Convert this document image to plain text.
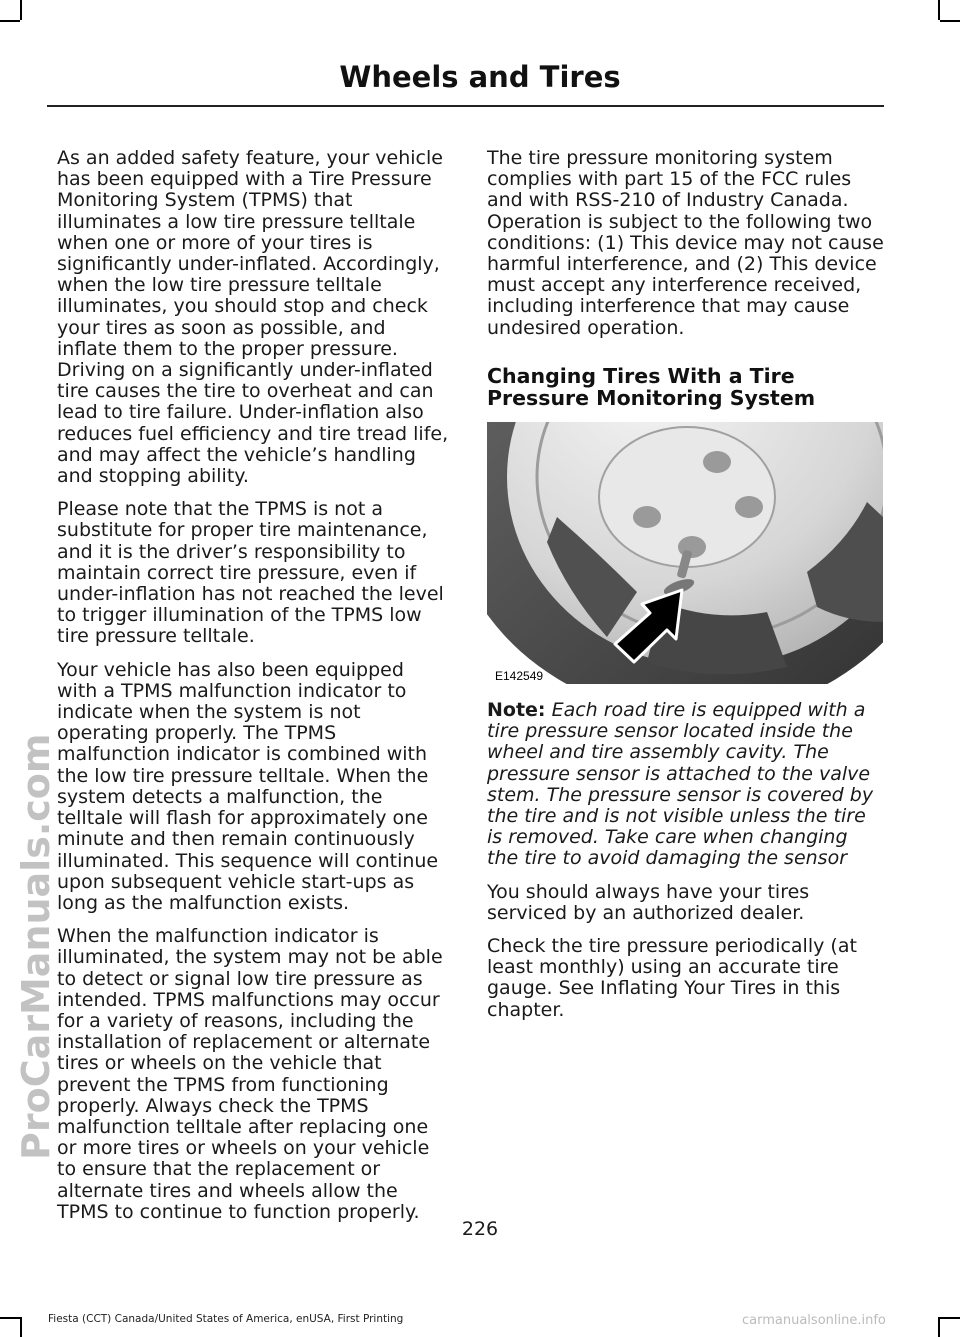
Wheels and Tires

As an added safety feature, your vehicle has been equipped with a Tire Pressure Monitoring System (TPMS) that illuminates a low tire pressure telltale when one or more of your tires is significantly under-inflated. Accordingly, when the low tire pressure telltale illuminates, you should stop and check your tires as soon as possible, and inflate them to the proper pressure. Driving on a significantly under-inflated tire causes the tire to overheat and can lead to tire failure. Under-inflation also reduces fuel efficiency and tire tread life, and may affect the vehicle’s handling and stopping ability.

Please note that the TPMS is not a substitute for proper tire maintenance, and it is the driver’s responsibility to maintain correct tire pressure, even if under-inflation has not reached the level to trigger illumination of the TPMS low tire pressure telltale.

Your vehicle has also been equipped with a TPMS malfunction indicator to indicate when the system is not operating properly. The TPMS malfunction indicator is combined with the low tire pressure telltale. When the system detects a malfunction, the telltale will flash for approximately one minute and then remain continuously illuminated. This sequence will continue upon subsequent vehicle start-ups as long as the malfunction exists.

When the malfunction indicator is illuminated, the system may not be able to detect or signal low tire pressure as intended. TPMS malfunctions may occur for a variety of reasons, including the installation of replacement or alternate tires or wheels on the vehicle that prevent the TPMS from functioning properly. Always check the TPMS malfunction telltale after replacing one or more tires or wheels on your vehicle to ensure that the replacement or alternate tires and wheels allow the TPMS to continue to function properly.

The tire pressure monitoring system complies with part 15 of the FCC rules and with RSS-210 of Industry Canada. Operation is subject to the following two conditions: (1) This device may not cause harmful interference, and (2) This device must accept any interference received, including interference that may cause undesired operation.

Changing Tires With a Tire
Pressure Monitoring System
E142549

Note: Each road tire is equipped with a tire pressure sensor located inside the wheel and tire assembly cavity. The pressure sensor is attached to the valve stem. The pressure sensor is covered by the tire and is not visible unless the tire is removed. Take care when changing the tire to avoid damaging the sensor

You should always have your tires serviced by an authorized dealer.

Check the tire pressure periodically (at least monthly) using an accurate tire gauge. See Inflating Your Tires in this chapter.

226
Fiesta (CCT) Canada/United States of America, enUSA, First Printing	carmanualsonline.info
ProCarManuals.com
